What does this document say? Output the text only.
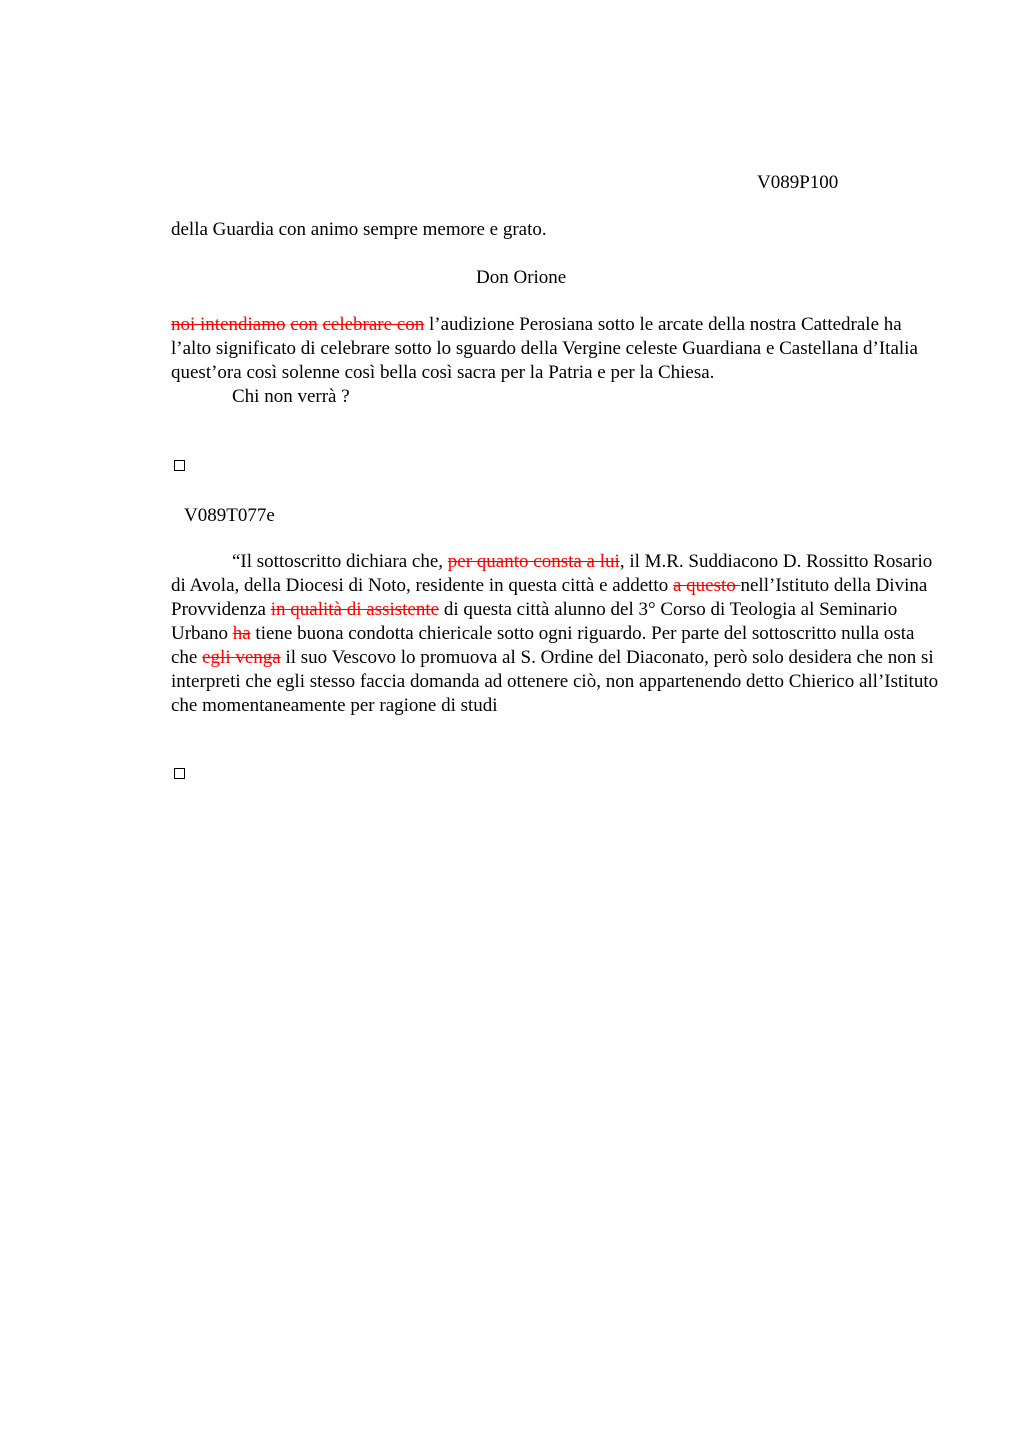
V089P100
della Guardia con animo sempre memore e grato.
Don Orione
noi intendiamo con celebrare con l’audizione Perosiana sotto le arcate della nostra Cattedrale ha l’alto significato di celebrare sotto lo sguardo della Vergine celeste Guardiana e Castellana d’Italia quest’ora così solenne così bella così sacra per la Patria e per la Chiesa.
Chi non verrà ?
V089T077e
“Il sottoscritto dichiara che, per quanto consta a lui, il M.R. Suddiacono D. Rossitto Rosario di Avola, della Diocesi di Noto, residente in questa città e addetto a questo nell’Istituto della Divina Provvidenza in qualità di assistente di questa città alunno del 3° Corso di Teologia al Seminario Urbano ha tiene buona condotta chiericale sotto ogni riguardo. Per parte del sottoscritto nulla osta che egli venga il suo Vescovo lo promuova al S. Ordine del Diaconato, però solo desidera che non si interpreti che egli stesso faccia domanda ad ottenere ciò, non appartenendo detto Chierico all’Istituto che momentaneamente per ragione di studi
